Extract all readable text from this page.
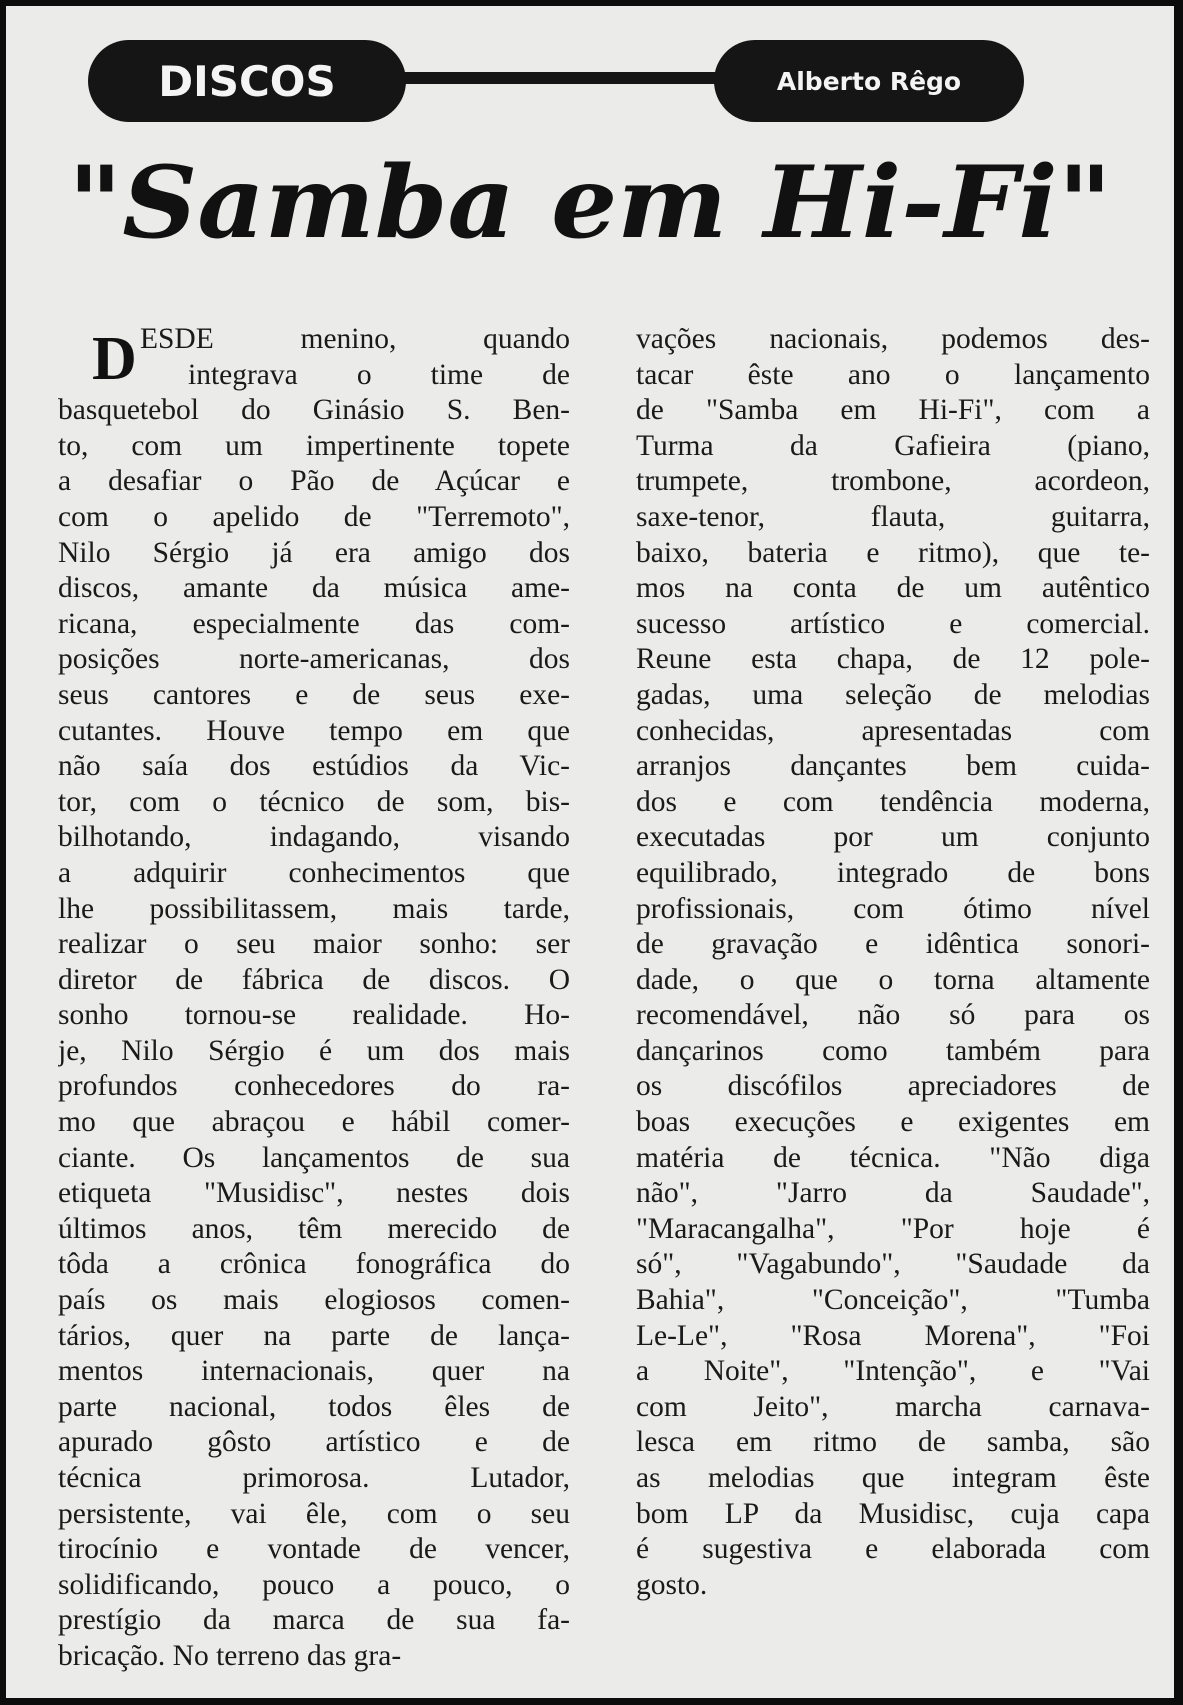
DISCOS	Alberto Rêgo
"Samba em Hi-Fi"
D ESDE menino, quando
integrava o time de
basquetebol do Ginásio S. Ben-
to, com um impertinente topete
a desafiar o Pão de Açúcar e
com o apelido de "Terremoto",
Nilo Sérgio já era amigo dos
discos, amante da música ame-
ricana, especialmente das com-
posições norte-americanas, dos
seus cantores e de seus exe-
cutantes. Houve tempo em que
não saía dos estúdios da Vic-
tor, com o técnico de som, bis-
bilhotando, indagando, visando
a adquirir conhecimentos que
lhe possibilitassem, mais tarde,
realizar o seu maior sonho: ser
diretor de fábrica de discos. O
sonho tornou-se realidade. Ho-
je, Nilo Sérgio é um dos mais
profundos conhecedores do ra-
mo que abraçou e hábil comer-
ciante. Os lançamentos de sua
etiqueta "Musidisc", nestes dois
últimos anos, têm merecido de
tôda a crônica fonográfica do
país os mais elogiosos comen-
tários, quer na parte de lança-
mentos internacionais, quer na
parte nacional, todos êles de
apurado gôsto artístico e de
técnica primorosa. Lutador,
persistente, vai êle, com o seu
tirocínio e vontade de vencer,
solidificando, pouco a pouco, o
prestígio da marca de sua fa-
bricação. No terreno das gra-
vações nacionais, podemos des-
tacar êste ano o lançamento
de "Samba em Hi-Fi", com a
Turma da Gafieira (piano,
trumpete, trombone, acordeon,
saxe-tenor, flauta, guitarra,
baixo, bateria e ritmo), que te-
mos na conta de um autêntico
sucesso artístico e comercial.
Reune esta chapa, de 12 pole-
gadas, uma seleção de melodias
conhecidas, apresentadas com
arranjos dançantes bem cuida-
dos e com tendência moderna,
executadas por um conjunto
equilibrado, integrado de bons
profissionais, com ótimo nível
de gravação e idêntica sonori-
dade, o que o torna altamente
recomendável, não só para os
dançarinos como também para
os discófilos apreciadores de
boas execuções e exigentes em
matéria de técnica. "Não diga
não", "Jarro da Saudade",
"Maracangalha", "Por hoje é
só", "Vagabundo", "Saudade da
Bahia", "Conceição", "Tumba
Le-Le", "Rosa Morena", "Foi
a Noite", "Intenção", e "Vai
com Jeito", marcha carnava-
lesca em ritmo de samba, são
as melodias que integram êste
bom LP da Musidisc, cuja capa
é sugestiva e elaborada com
gosto.
